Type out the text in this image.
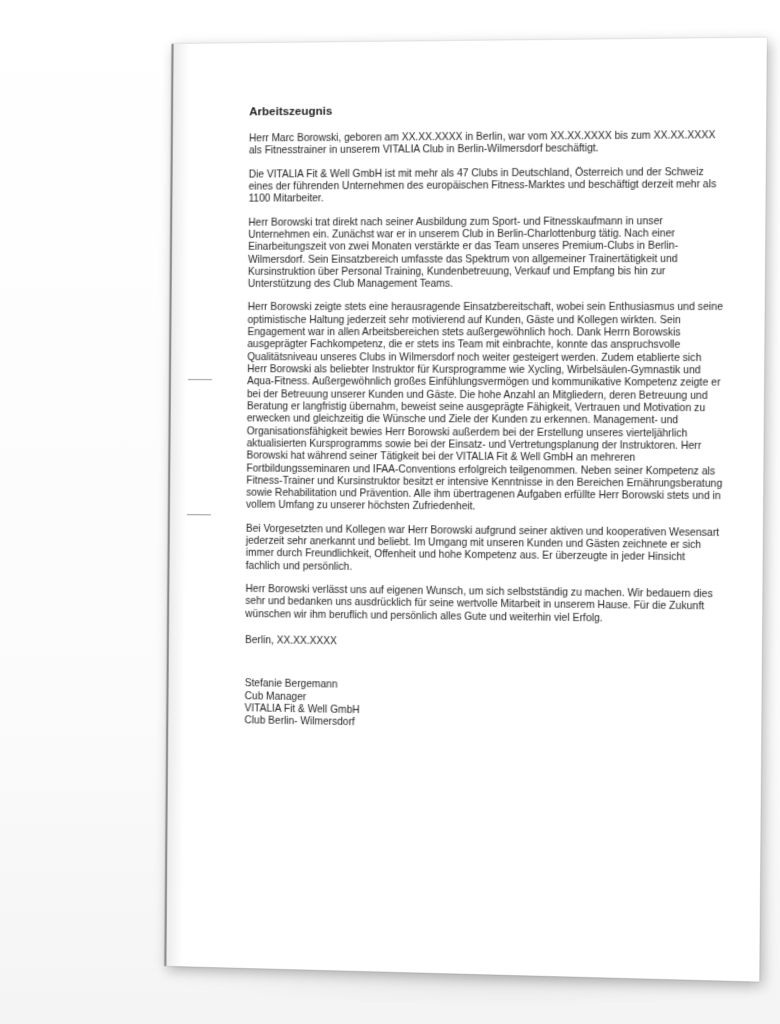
Arbeitszeugnis

Herr Marc Borowski, geboren am XX.XX.XXXX in Berlin, war vom XX.XX.XXXX bis zum XX.XX.XXXX als Fitnesstrainer in unserem VITALIA Club in Berlin-Wilmersdorf beschäftigt.

Die VITALIA Fit & Well GmbH ist mit mehr als 47 Clubs in Deutschland, Österreich und der Schweiz eines der führenden Unternehmen des europäischen Fitness-Marktes und beschäftigt derzeit mehr als 1100 Mitarbeiter.

Herr Borowski trat direkt nach seiner Ausbildung zum Sport- und Fitnesskaufmann in unser Unternehmen ein. Zunächst war er in unserem Club in Berlin-Charlottenburg tätig. Nach einer Einarbeitungszeit von zwei Monaten verstärkte er das Team unseres Premium-Clubs in Berlin-Wilmersdorf. Sein Einsatzbereich umfasste das Spektrum von allgemeiner Trainertätigkeit und Kursinstruktion über Personal Training, Kundenbetreuung, Verkauf und Empfang bis hin zur Unterstützung des Club Management Teams.

Herr Borowski zeigte stets eine herausragende Einsatzbereitschaft, wobei sein Enthusiasmus und seine optimistische Haltung jederzeit sehr motivierend auf Kunden, Gäste und Kollegen wirkten. Sein Engagement war in allen Arbeitsbereichen stets außergewöhnlich hoch. Dank Herrn Borowskis ausgeprägter Fachkompetenz, die er stets ins Team mit einbrachte, konnte das anspruchsvolle Qualitätsniveau unseres Clubs in Wilmersdorf noch weiter gesteigert werden. Zudem etablierte sich Herr Borowski als beliebter Instruktor für Kursprogramme wie Xycling, Wirbelsäulen-Gymnastik und Aqua-Fitness. Außergewöhnlich großes Einfühlungsvermögen und kommunikative Kompetenz zeigte er bei der Betreuung unserer Kunden und Gäste. Die hohe Anzahl an Mitgliedern, deren Betreuung und Beratung er langfristig übernahm, beweist seine ausgeprägte Fähigkeit, Vertrauen und Motivation zu erwecken und gleichzeitig die Wünsche und Ziele der Kunden zu erkennen. Management- und Organisationsfähigkeit bewies Herr Borowski außerdem bei der Erstellung unseres vierteljährlich aktualisierten Kursprogramms sowie bei der Einsatz- und Vertretungsplanung der Instruktoren. Herr Borowski hat während seiner Tätigkeit bei der VITALIA Fit & Well GmbH an mehreren Fortbildungsseminaren und IFAA-Conventions erfolgreich teilgenommen. Neben seiner Kompetenz als Fitness-Trainer und Kursinstruktor besitzt er intensive Kenntnisse in den Bereichen Ernährungsberatung sowie Rehabilitation und Prävention. Alle ihm übertragenen Aufgaben erfüllte Herr Borowski stets und in vollem Umfang zu unserer höchsten Zufriedenheit.

Bei Vorgesetzten und Kollegen war Herr Borowski aufgrund seiner aktiven und kooperativen Wesensart jederzeit sehr anerkannt und beliebt. Im Umgang mit unseren Kunden und Gästen zeichnete er sich immer durch Freundlichkeit, Offenheit und hohe Kompetenz aus. Er überzeugte in jeder Hinsicht fachlich und persönlich.

Herr Borowski verlässt uns auf eigenen Wunsch, um sich selbstständig zu machen. Wir bedauern dies sehr und bedanken uns ausdrücklich für seine wertvolle Mitarbeit in unserem Hause. Für die Zukunft wünschen wir ihm beruflich und persönlich alles Gute und weiterhin viel Erfolg.

Berlin, XX.XX.XXXX
Stefanie Bergemann
Cub Manager
VITALIA Fit & Well GmbH
Club Berlin- Wilmersdorf
